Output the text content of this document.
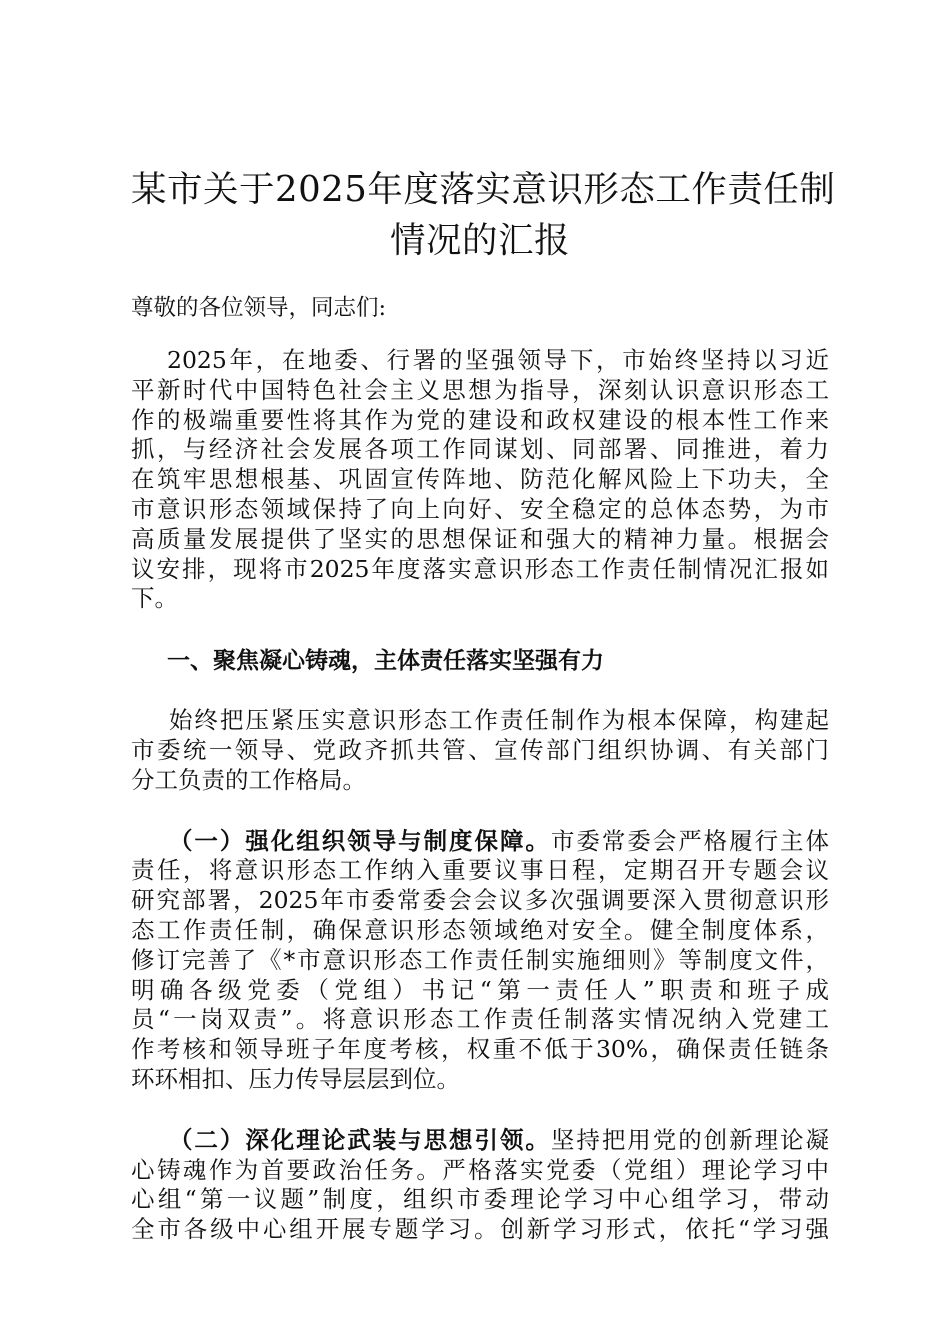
某市关于2025年度落实意识形态工作责任制
情况的汇报

尊敬的各位领导，同志们:

2025年，在地委、行署的坚强领导下，市始终坚持以习近
平新时代中国特色社会主义思想为指导，深刻认识意识形态工
作的极端重要性将其作为党的建设和政权建设的根本性工作来
抓，与经济社会发展各项工作同谋划、同部署、同推进，着力
在筑牢思想根基、巩固宣传阵地、防范化解风险上下功夫，全
市意识形态领域保持了向上向好、安全稳定的总体态势，为市
高质量发展提供了坚实的思想保证和强大的精神力量。根据会
议安排，现将市2025年度落实意识形态工作责任制情况汇报如
下。
一、聚焦凝心铸魂，主体责任落实坚强有力
始终把压紧压实意识形态工作责任制作为根本保障，构建起
市委统一领导、党政齐抓共管、宣传部门组织协调、有关部门
分工负责的工作格局。
（一）强化组织领导与制度保障。市委常委会严格履行主体
责任，将意识形态工作纳入重要议事日程，定期召开专题会议
研究部署，2025年市委常委会会议多次强调要深入贯彻意识形
态工作责任制，确保意识形态领域绝对安全。健全制度体系，
修订完善了《*市意识形态工作责任制实施细则》等制度文件，
明确各级党委（党组）书记“第一责任人”职责和班子成
员“一岗双责”。将意识形态工作责任制落实情况纳入党建工
作考核和领导班子年度考核，权重不低于30%，确保责任链条
环环相扣、压力传导层层到位。
（二）深化理论武装与思想引领。坚持把用党的创新理论凝
心铸魂作为首要政治任务。严格落实党委（党组）理论学习中
心组“第一议题”制度，组织市委理论学习中心组学习，带动
全市各级中心组开展专题学习。创新学习形式，依托“学习强
